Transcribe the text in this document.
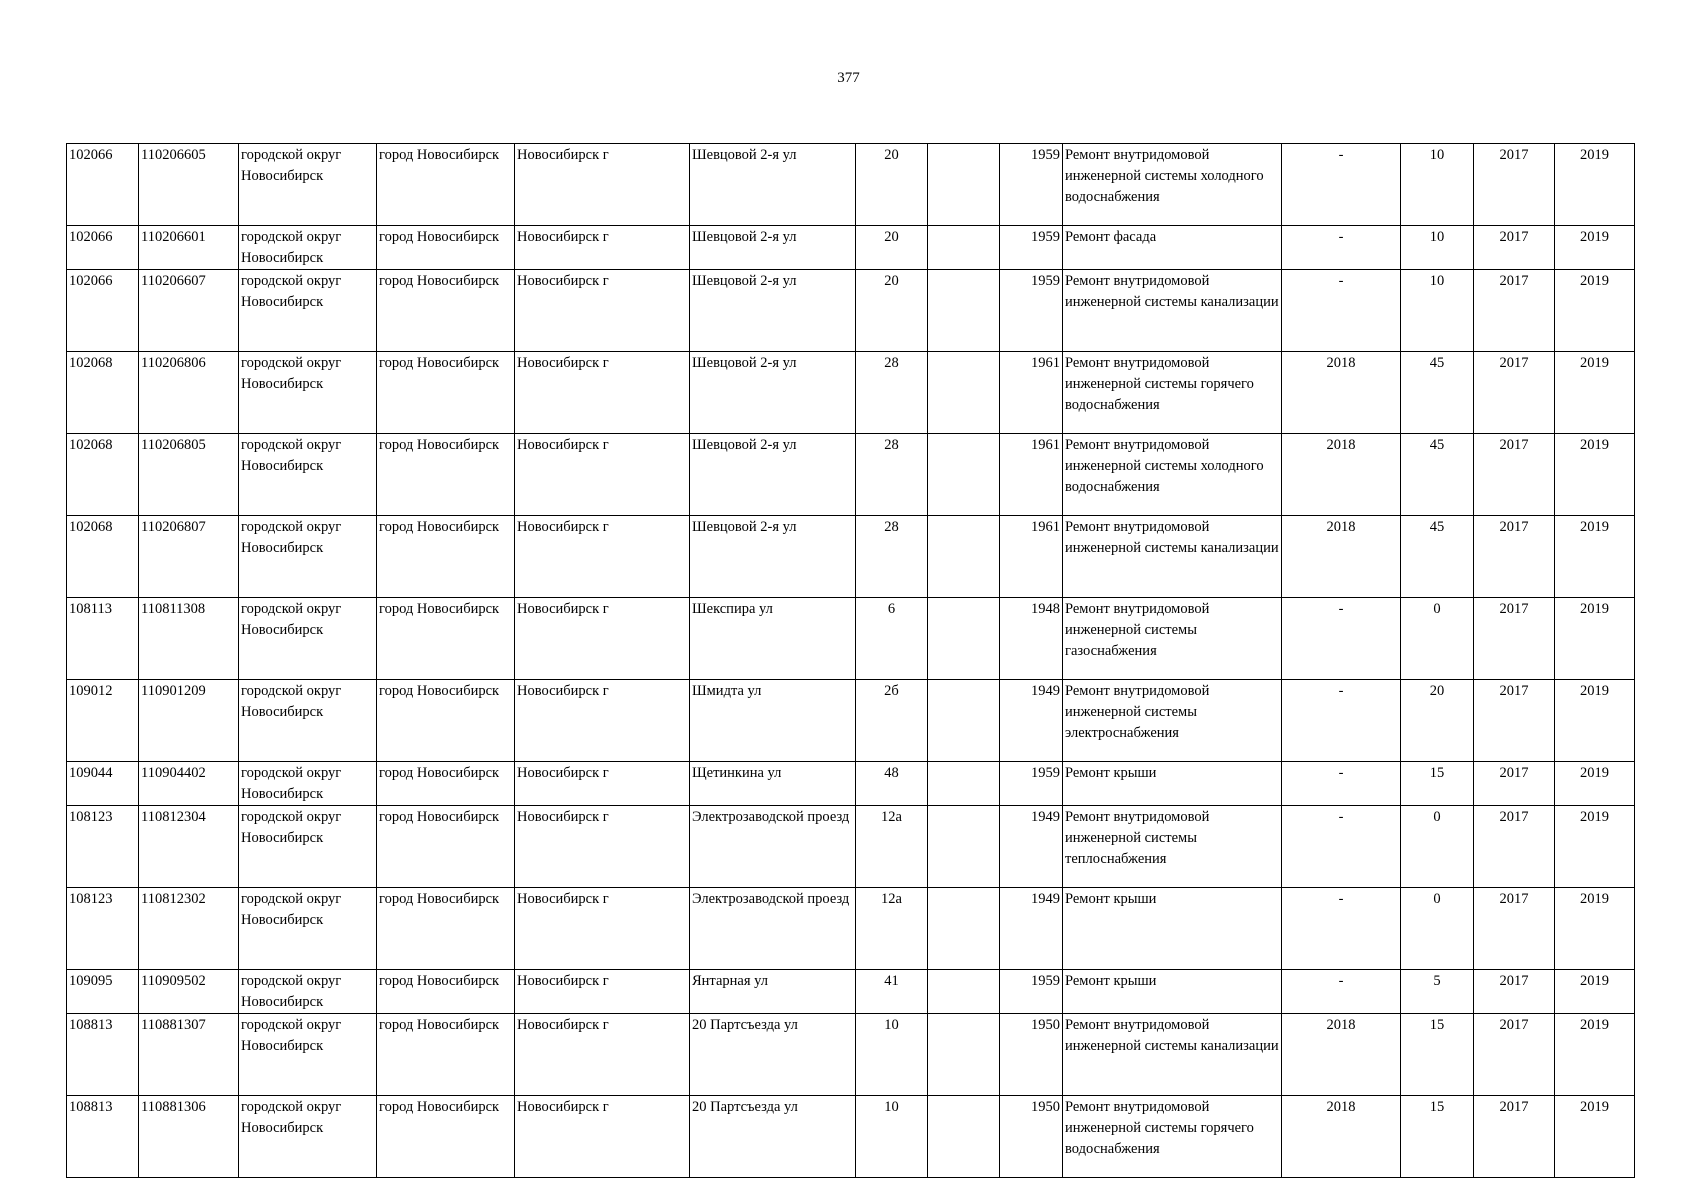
377
102066	110206605	городской округ Новосибирск	город Новосибирск	Новосибирск г	Шевцовой 2-я ул	20		1959	Ремонт внутридомовой инженерной системы холодного водоснабжения	-	10	2017	2019
102066	110206601	городской округ Новосибирск	город Новосибирск	Новосибирск г	Шевцовой 2-я ул	20		1959	Ремонт фасада	-	10	2017	2019
102066	110206607	городской округ Новосибирск	город Новосибирск	Новосибирск г	Шевцовой 2-я ул	20		1959	Ремонт внутридомовой инженерной системы канализации	-	10	2017	2019
102068	110206806	городской округ Новосибирск	город Новосибирск	Новосибирск г	Шевцовой 2-я ул	28		1961	Ремонт внутридомовой инженерной системы горячего водоснабжения	2018	45	2017	2019
102068	110206805	городской округ Новосибирск	город Новосибирск	Новосибирск г	Шевцовой 2-я ул	28		1961	Ремонт внутридомовой инженерной системы холодного водоснабжения	2018	45	2017	2019
102068	110206807	городской округ Новосибирск	город Новосибирск	Новосибирск г	Шевцовой 2-я ул	28		1961	Ремонт внутридомовой инженерной системы канализации	2018	45	2017	2019
108113	110811308	городской округ Новосибирск	город Новосибирск	Новосибирск г	Шекспира ул	6		1948	Ремонт внутридомовой инженерной системы газоснабжения	-	0	2017	2019
109012	110901209	городской округ Новосибирск	город Новосибирск	Новосибирск г	Шмидта ул	2б		1949	Ремонт внутридомовой инженерной системы электроснабжения	-	20	2017	2019
109044	110904402	городской округ Новосибирск	город Новосибирск	Новосибирск г	Щетинкина ул	48		1959	Ремонт крыши	-	15	2017	2019
108123	110812304	городской округ Новосибирск	город Новосибирск	Новосибирск г	Электрозаводской проезд	12а		1949	Ремонт внутридомовой инженерной системы теплоснабжения	-	0	2017	2019
108123	110812302	городской округ Новосибирск	город Новосибирск	Новосибирск г	Электрозаводской проезд	12а		1949	Ремонт крыши	-	0	2017	2019
109095	110909502	городской округ Новосибирск	город Новосибирск	Новосибирск г	Янтарная ул	41		1959	Ремонт крыши	-	5	2017	2019
108813	110881307	городской округ Новосибирск	город Новосибирск	Новосибирск г	20 Партсъезда ул	10		1950	Ремонт внутридомовой инженерной системы канализации	2018	15	2017	2019
108813	110881306	городской округ Новосибирск	город Новосибирск	Новосибирск г	20 Партсъезда ул	10		1950	Ремонт внутридомовой инженерной системы горячего водоснабжения	2018	15	2017	2019
